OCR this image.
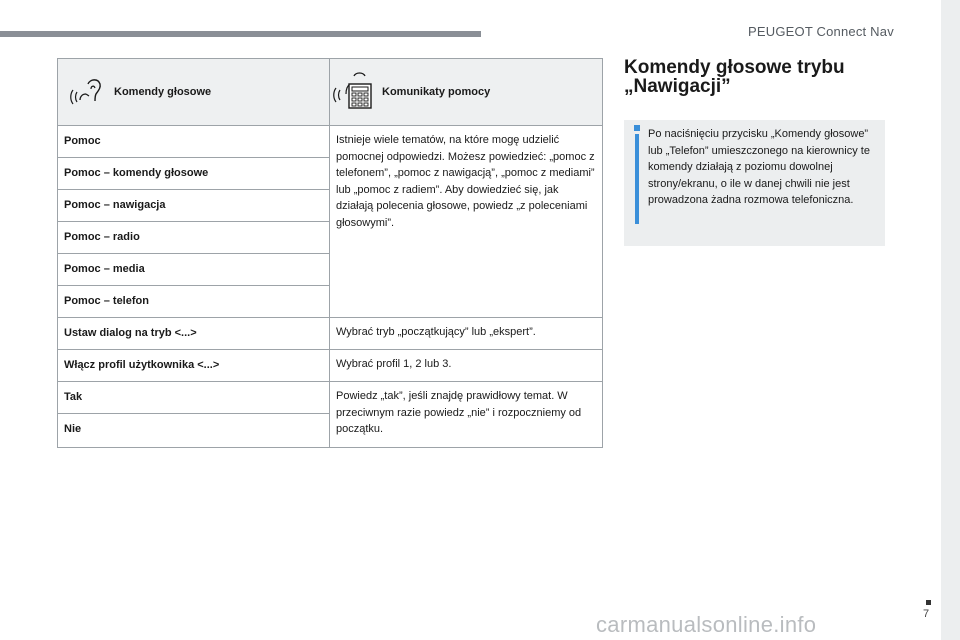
PEUGEOT Connect Nav
Komendy głosowe	Komunikaty pomocy

Pomoc	Istnieje wiele tematów, na które mogę udzielić pomocnej odpowiedzi. Możesz powiedzieć: „pomoc z telefonem”, „pomoc z nawigacją”, „pomoc z mediami” lub „pomoc z radiem”. Aby dowiedzieć się, jak działają polecenia głosowe, powiedz „z poleceniami głosowymi”.
Pomoc – komendy głosowe	
Pomoc – nawigacja	
Pomoc – radio	
Pomoc – media	
Pomoc – telefon	
Ustaw dialog na tryb <...>	Wybrać tryb „początkujący” lub „ekspert”.
Włącz profil użytkownika <...>	Wybrać profil 1, 2 lub 3.
Tak	Powiedz „tak”, jeśli znajdę prawidłowy temat. W przeciwnym razie powiedz „nie” i rozpoczniemy od początku.
Nie	
Komendy głosowe trybu „Nawigacji”
Po naciśnięciu przycisku „Komendy głosowe” lub „Telefon” umieszczonego na kierownicy te komendy działają z poziomu dowolnej strony/ekranu, o ile w danej chwili nie jest prowadzona żadna rozmowa telefoniczna.
7
carmanualsonline.info
